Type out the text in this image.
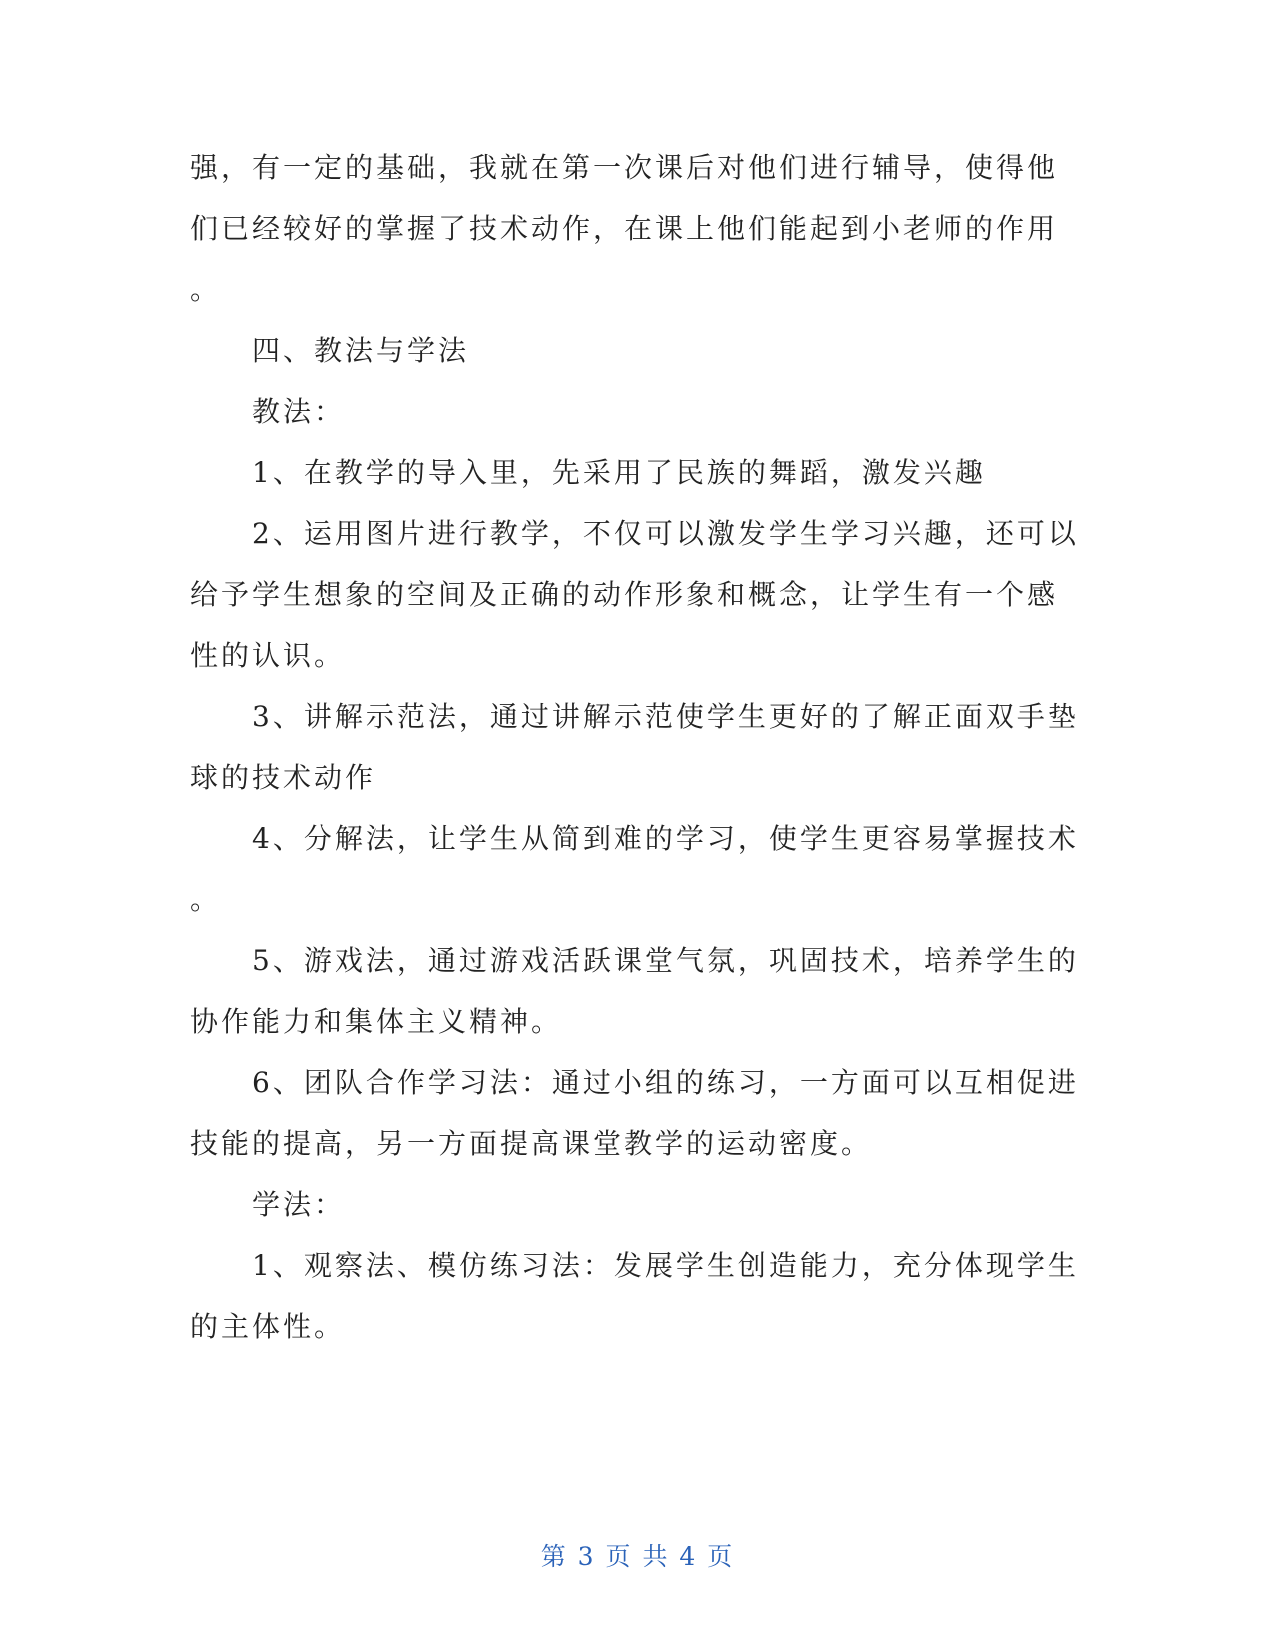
强，有一定的基础，我就在第一次课后对他们进行辅导，使得他
们已经较好的掌握了技术动作，在课上他们能起到小老师的作用
。
四、教法与学法
教法：
1、在教学的导入里，先采用了民族的舞蹈，激发兴趣
2、运用图片进行教学，不仅可以激发学生学习兴趣，还可以
给予学生想象的空间及正确的动作形象和概念，让学生有一个感
性的认识。
3、讲解示范法，通过讲解示范使学生更好的了解正面双手垫
球的技术动作
4、分解法，让学生从简到难的学习，使学生更容易掌握技术
。
5、游戏法，通过游戏活跃课堂气氛，巩固技术，培养学生的
协作能力和集体主义精神。
6、团队合作学习法：通过小组的练习，一方面可以互相促进
技能的提高，另一方面提高课堂教学的运动密度。
学法：
1、观察法、模仿练习法：发展学生创造能力，充分体现学生
的主体性。
第 3 页 共 4 页
